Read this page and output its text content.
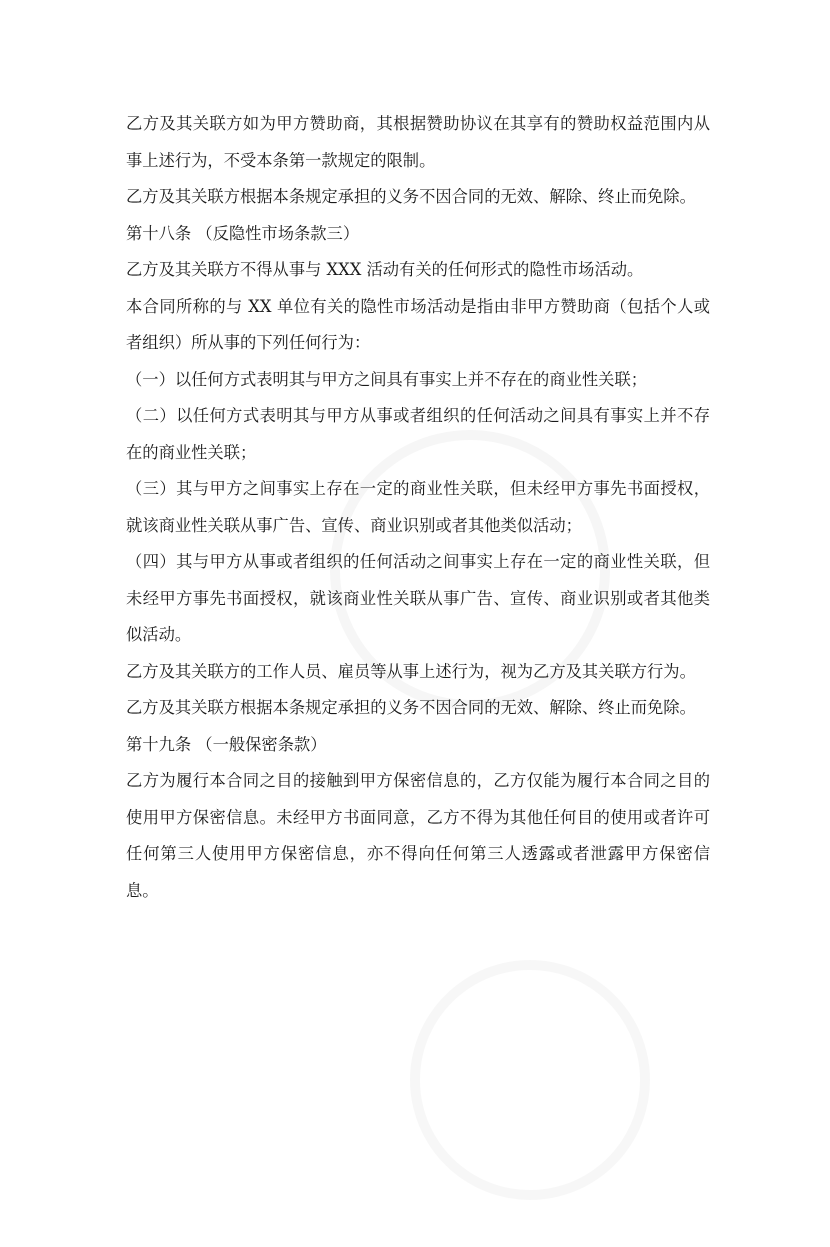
乙方及其关联方如为甲方赞助商，其根据赞助协议在其享有的赞助权益范围内从事上述行为，不受本条第一款规定的限制。

乙方及其关联方根据本条规定承担的义务不因合同的无效、解除、终止而免除。

第十八条 （反隐性市场条款三）

乙方及其关联方不得从事与 XXX 活动有关的任何形式的隐性市场活动。

本合同所称的与 XX 单位有关的隐性市场活动是指由非甲方赞助商（包括个人或者组织）所从事的下列任何行为：

（一）以任何方式表明其与甲方之间具有事实上并不存在的商业性关联；

（二）以任何方式表明其与甲方从事或者组织的任何活动之间具有事实上并不存在的商业性关联；

（三）其与甲方之间事实上存在一定的商业性关联，但未经甲方事先书面授权，就该商业性关联从事广告、宣传、商业识别或者其他类似活动；

（四）其与甲方从事或者组织的任何活动之间事实上存在一定的商业性关联，但未经甲方事先书面授权，就该商业性关联从事广告、宣传、商业识别或者其他类似活动。

乙方及其关联方的工作人员、雇员等从事上述行为，视为乙方及其关联方行为。

乙方及其关联方根据本条规定承担的义务不因合同的无效、解除、终止而免除。

第十九条 （一般保密条款）

乙方为履行本合同之目的接触到甲方保密信息的，乙方仅能为履行本合同之目的使用甲方保密信息。未经甲方书面同意，乙方不得为其他任何目的使用或者许可任何第三人使用甲方保密信息，亦不得向任何第三人透露或者泄露甲方保密信息。
